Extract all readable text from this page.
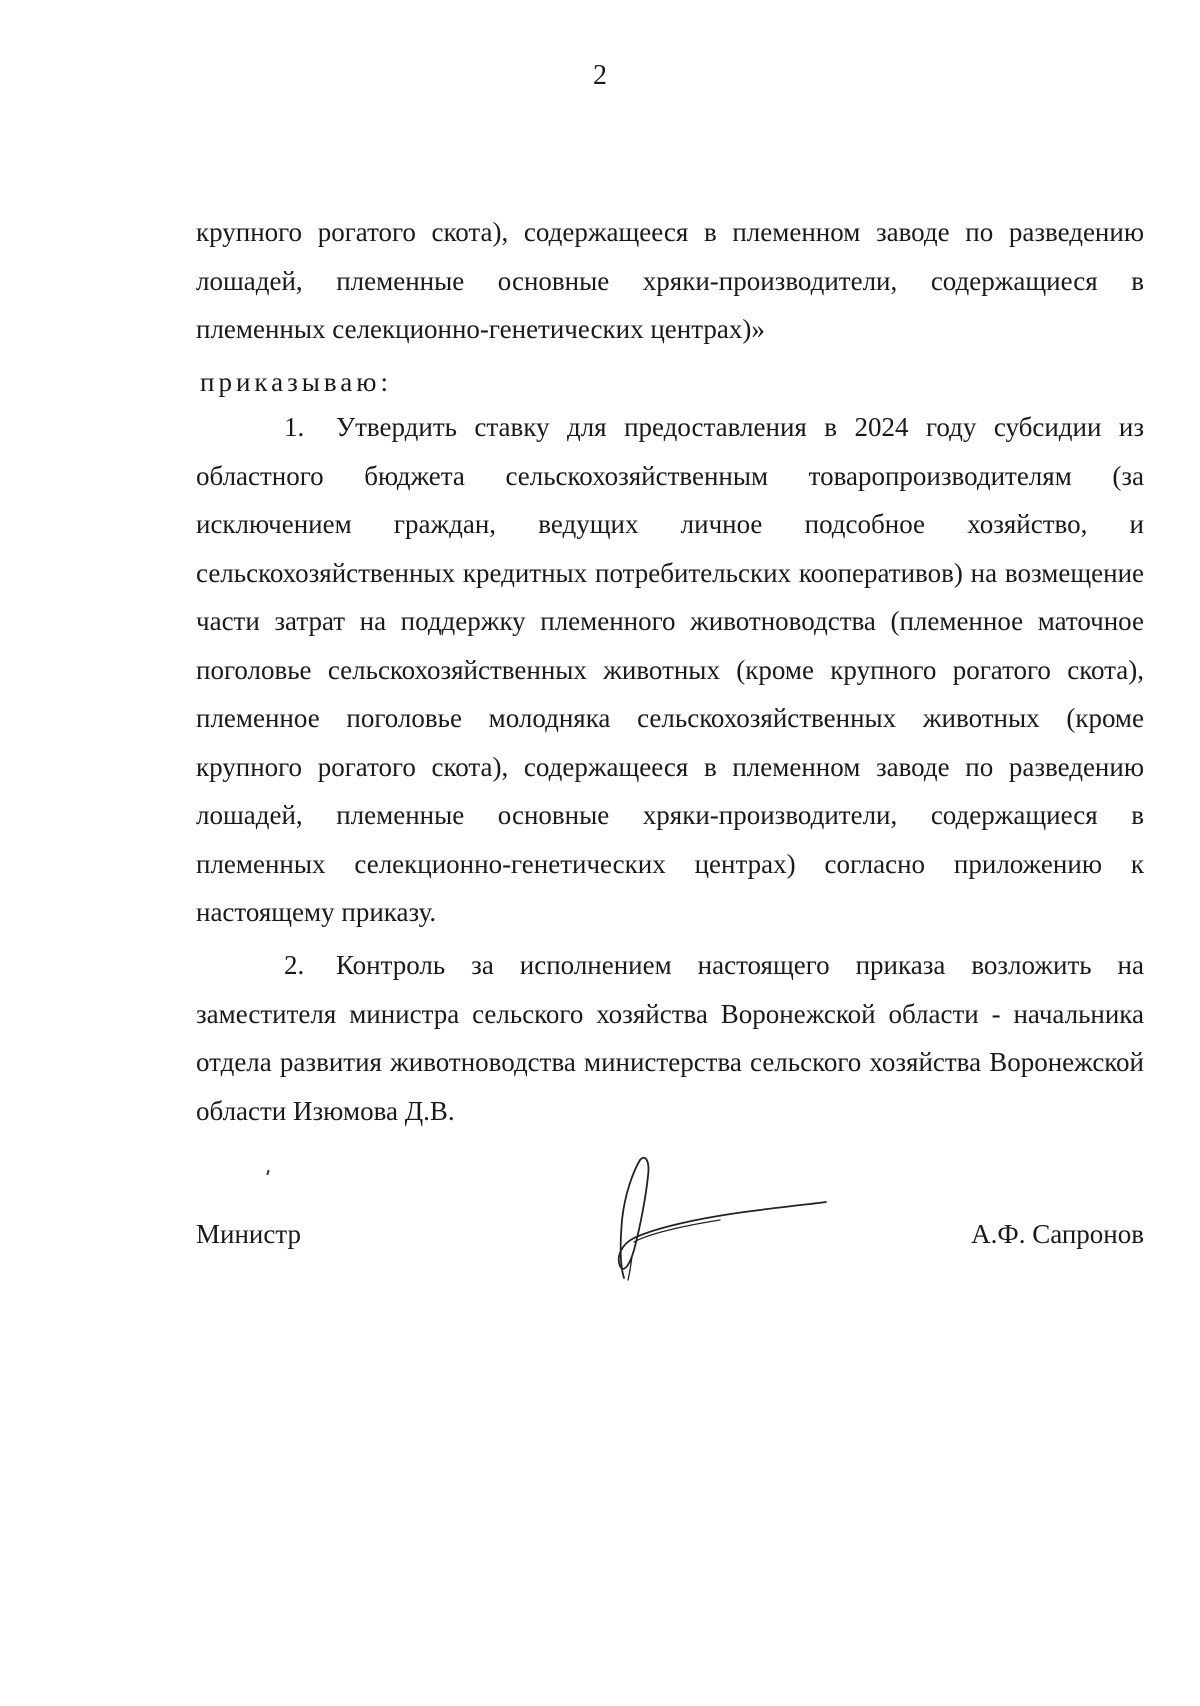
2

крупного рогатого скота), содержащееся в племенном заводе по разведению лошадей, племенные основные хряки-производители, содержащиеся в племенных селекционно-генетических центрах)»

приказываю:

1. Утвердить ставку для предоставления в 2024 году субсидии из областного бюджета сельскохозяйственным товаропроизводителям (за исключением граждан, ведущих личное подсобное хозяйство, и сельскохозяйственных кредитных потребительских кооперативов) на возмещение части затрат на поддержку племенного животноводства (племенное маточное поголовье сельскохозяйственных животных (кроме крупного рогатого скота), племенное поголовье молодняка сельскохозяйственных животных (кроме крупного рогатого скота), содержащееся в племенном заводе по разведению лошадей, племенные основные хряки-производители, содержащиеся в племенных селекционно-генетических центрах) согласно приложению к настоящему приказу.

2. Контроль за исполнением настоящего приказа возложить на заместителя министра сельского хозяйства Воронежской области - начальника отдела развития животноводства министерства сельского хозяйства Воронежской области Изюмова Д.В.

Министр	А.Ф. Сапронов
